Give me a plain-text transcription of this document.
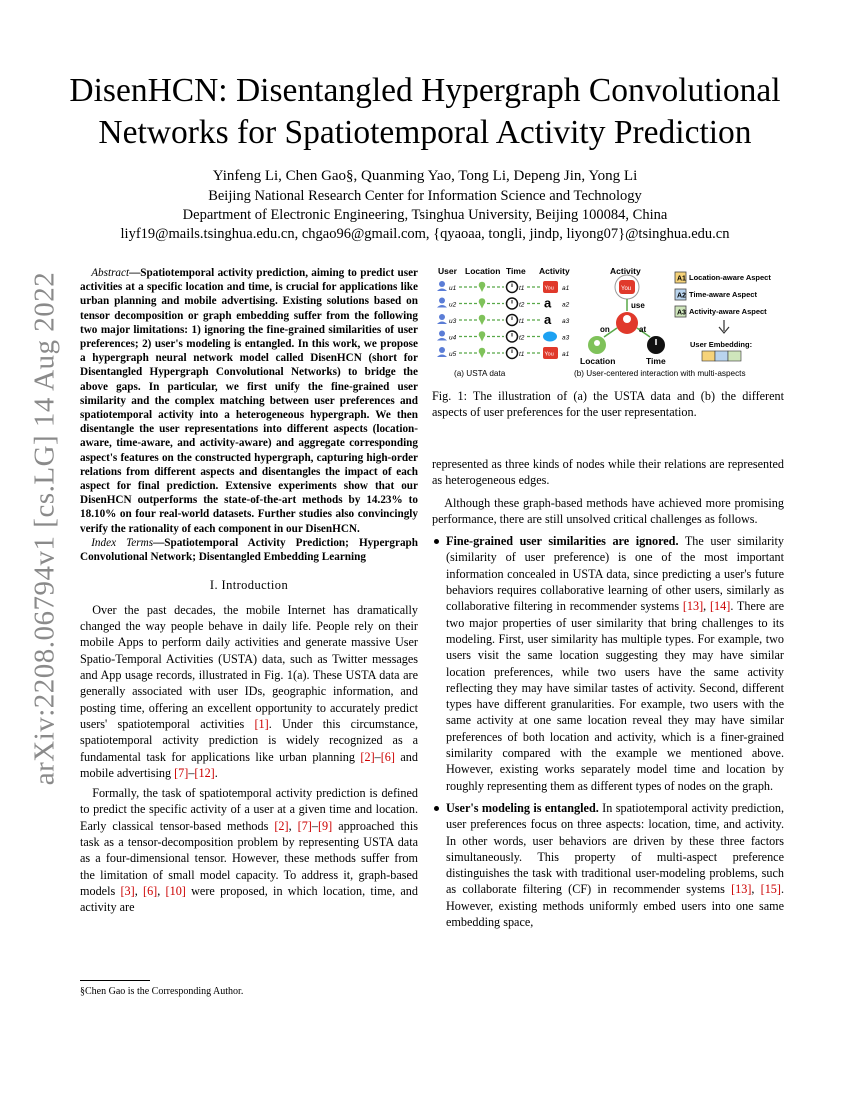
arXiv:2208.06794v1 [cs.LG] 14 Aug 2022
DisenHCN: Disentangled Hypergraph Convolutional
Networks for Spatiotemporal Activity Prediction
Yinfeng Li, Chen Gao§, Quanming Yao, Tong Li, Depeng Jin, Yong Li
Beijing National Research Center for Information Science and Technology
Department of Electronic Engineering, Tsinghua University, Beijing 100084, China
liyf19@mails.tsinghua.edu.cn, chgao96@gmail.com, {qyaoaa, tongli, jindp, liyong07}@tsinghua.edu.cn
Abstract—Spatiotemporal activity prediction, aiming to predict user activities at a specific location and time, is crucial for applications like urban planning and mobile advertising. Existing solutions based on tensor decomposition or graph embedding suffer from the following two major limitations: 1) ignoring the fine-grained similarities of user preferences; 2) user's modeling is entangled. In this work, we propose a hypergraph neural network model called DisenHCN (short for Disentangled Hypergraph Convolutional Networks) to bridge the above gaps. In particular, we first unify the fine-grained user similarity and the complex matching between user preferences and spatiotemporal activity into a heterogeneous hypergraph. We then disentangle the user representations into different aspects (location-aware, time-aware, and activity-aware) and aggregate corresponding aspect's features on the constructed hypergraph, capturing high-order relations from different aspects and disentangles the impact of each aspect for final prediction. Extensive experiments show that our DisenHCN outperforms the state-of-the-art methods by 14.23% to 18.10% on four real-world datasets. Further studies also convincingly verify the rationality of each component in our DisenHCN.
Index Terms—Spatiotemporal Activity Prediction; Hypergraph Convolutional Network; Disentangled Embedding Learning
I. Introduction

Over the past decades, the mobile Internet has dramatically changed the way people behave in daily life. People rely on their mobile Apps to perform daily activities and generate massive User Spatio-Temporal Activities (USTA) data, such as Twitter messages and App usage records, illustrated in Fig. 1(a). These USTA data are generally associated with user IDs, geographic information, and posting time, offering an excellent opportunity to accurately predict users' spatiotemporal activities [1]. Under this circumstance, spatiotemporal activity prediction is widely recognized as a fundamental task for applications like urban planning [2]–[6] and mobile advertising [7]–[12].

Formally, the task of spatiotemporal activity prediction is defined to predict the specific activity of a user at a given time and location. Early classical tensor-based methods [2], [7]–[9] approached this task as a tensor-decomposition problem by representing USTA data as a four-dimensional tensor. However, these methods suffer from the limitation of small model capacity. To address it, graph-based models [3], [6], [10] were proposed, in which location, time, and activity are

§Chen Gao is the Corresponding Author.
User Location Time Activity
u1	t1	You a1
u2	t2 a a2
u3	t1 a a3
u4	t2	a3
u5	t1	You a1
(a) USTA data
Activity
You
use
on	at
Location	Time
A1 Location-aware Aspect
A2 Time-aware Aspect
A3 Activity-aware Aspect
User Embedding:
(b) User-centered interaction with multi-aspects
Fig. 1: The illustration of (a) the USTA data and (b) the different aspects of user preferences for the user representation.

represented as three kinds of nodes while their relations are represented as heterogeneous edges.

Although these graph-based methods have achieved more promising performance, there are still unsolved critical challenges as follows.

Fine-grained user similarities are ignored. The user similarity (similarity of user preference) is one of the most important information concealed in USTA data, since predicting a user's future behaviors requires collaborative learning of other users, similarly as collaborative filtering in recommender systems [13], [14]. There are two major properties of user similarity that bring challenges to its modeling. First, user similarity has multiple types. For example, two users visit the same location suggesting they may have similar location preferences, while two users have the same activity reflecting they may have similar tastes of activity. Second, different types have different granularities. For example, two users with the same activity at one same location reveal they may have similar preferences of both location and activity, which is a finer-grained similarity compared with the example we mentioned above. However, existing works separately model time and location by roughly representing them as different types of nodes on the graph.
User's modeling is entangled. In spatiotemporal activity prediction, user preferences focus on three aspects: location, time, and activity. In other words, user behaviors are driven by these three factors simultaneously. This property of multi-aspect preference distinguishes the task with traditional user-modeling problems, such as collaborate filtering (CF) in recommender systems [13], [15]. However, existing methods uniformly embed users into one same embedding space,
